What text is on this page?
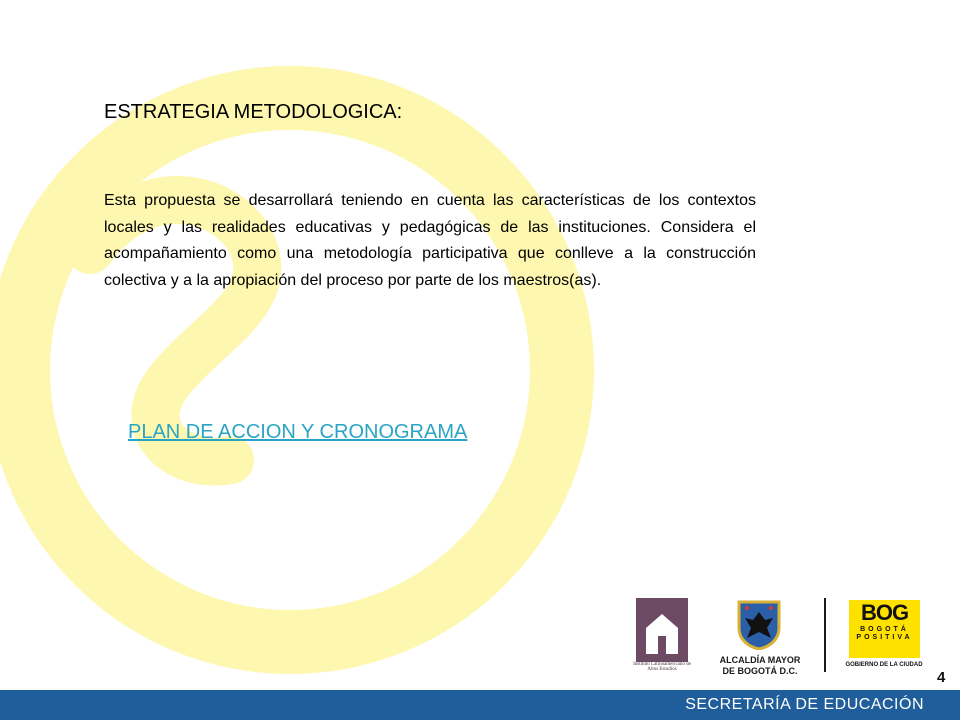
ESTRATEGIA METODOLOGICA:

Esta propuesta se desarrollará teniendo en cuenta las características de los contextos locales y las realidades educativas y pedagógicas de las instituciones. Considera el acompañamiento como una metodología participativa que conlleve a la construcción colectiva y a la apropiación del proceso por parte de los maestros(as).

PLAN DE ACCION Y CRONOGRAMA
Instituto Latinoamericano de Altos Estudios
ALCALDÍA MAYOR
DE BOGOTÁ D.C.
BOG
BOGOTÁ
POSITIVA
GOBIERNO DE LA CIUDAD
4
SECRETARÍA DE EDUCACIÓN
